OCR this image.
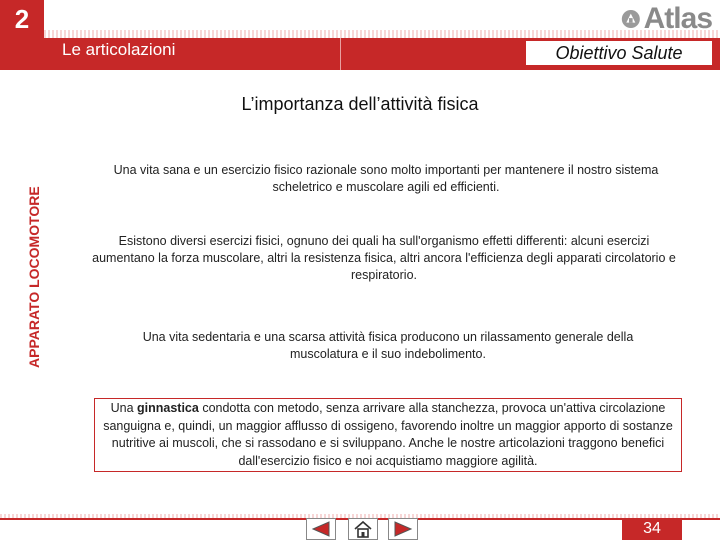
2	Atlas
Le articolazioni	Obiettivo Salute
APPARATO LOCOMOTORE
L’importanza dell’attività fisica
Una vita sana e un esercizio fisico razionale sono molto importanti per mantenere il nostro sistema scheletrico e muscolare agili ed efficienti.
Esistono diversi esercizi fisici, ognuno dei quali ha sull'organismo effetti differenti: alcuni esercizi aumentano la forza muscolare, altri la resistenza fisica, altri ancora l'efficienza degli apparati circolatorio e respiratorio.
Una vita sedentaria e una scarsa attività fisica producono un rilassamento generale della muscolatura e il suo indebolimento.
Una ginnastica condotta con metodo, senza arrivare alla stanchezza, provoca un'attiva circolazione sanguigna e, quindi, un maggior afflusso di ossigeno, favorendo inoltre un maggior apporto di sostanze nutritive ai muscoli, che si rassodano e si sviluppano. Anche le nostre articolazioni traggono benefici dall'esercizio fisico e noi acquistiamo maggiore agilità.
34
